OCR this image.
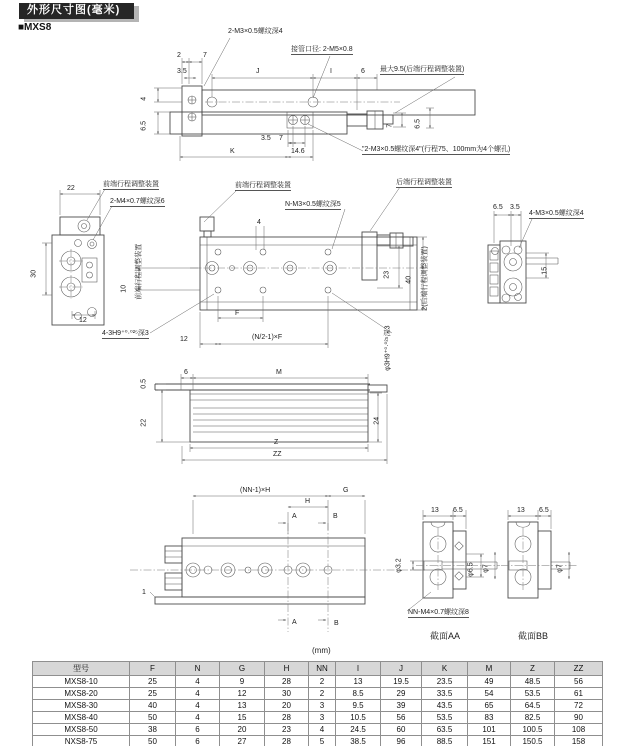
外形尺寸图(毫米)
■MXS8	2-M3×0.5螺纹深4
接管口径: 2-M5×0.8
最大9.5(后端行程调整装置)
"2-M3×0.5螺纹深4"(行程75、100mm为4个螺孔)
2	7
3.5	J	I	6
4
6.5	7	6.5
3.5 7
K	14.6
22
前端行程调整装置
2-M4×0.7螺纹深6
30
12
前端行程调整装置
N-M3×0.5螺纹深5
后端行程调整装置
4
23
40
10 前端行程调整装置	2(后端行程调整装置)
F
(N/2-1)×F
12
4-3H9⁺⁰·⁰²⁵深3	φ3H9⁺⁰·⁰²⁵深3
6.5 3.5
4-M3×0.5螺纹深4
15
0.5
22
6	M
24
Z
ZZ
(NN-1)×H	G
H
A	B
A	B
1
13 6.5	13 6.5
φ3.2	φ6.5 φ7	φ7
NN-M4×0.7螺纹深8
截面AA	截面BB
(mm)
型号	F	N	G	H	NN	I	J	K	M	Z	ZZ
MXS8-10	25	4	9	28	2	13	19.5	23.5	49	48.5	56
MXS8-20	25	4	12	30	2	8.5	29	33.5	54	53.5	61
MXS8-30	40	4	13	20	3	9.5	39	43.5	65	64.5	72
MXS8-40	50	4	15	28	3	10.5	56	53.5	83	82.5	90
MXS8-50	38	6	20	23	4	24.5	60	63.5	101	100.5	108
NXS8-75	50	6	27	28	5	38.5	96	88.5	151	150.5	158
